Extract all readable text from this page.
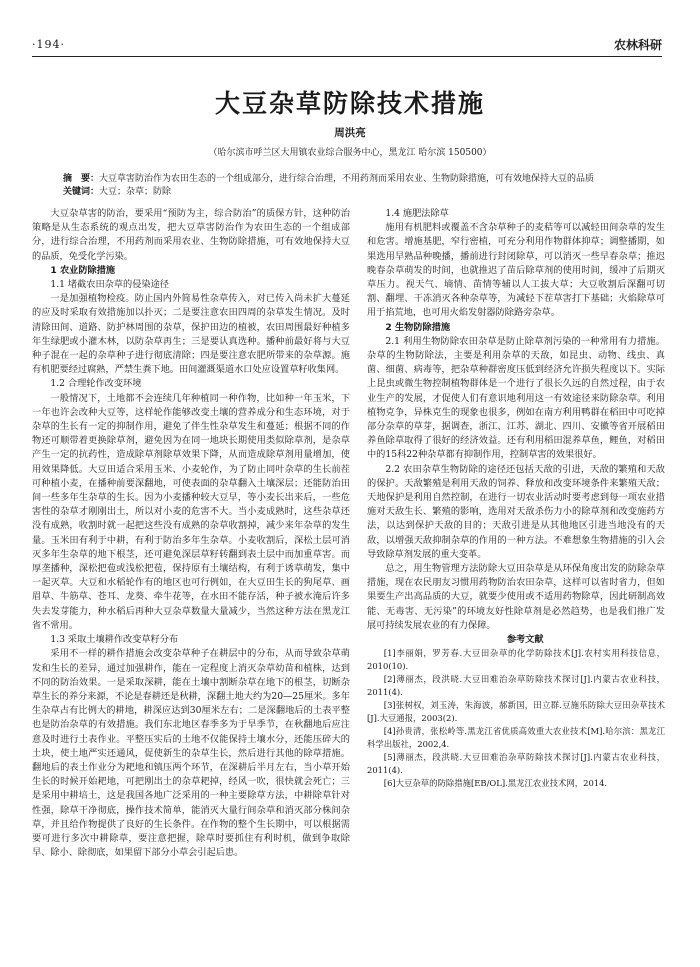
·194·	农林科研
大豆杂草防除技术措施
周洪亮
（哈尔滨市呼兰区大用镇农业综合服务中心，黑龙江 哈尔滨 150500）
摘　要：大豆草害防治作为农田生态的一个组成部分，进行综合治理，不用药剂而采用农业、生物防除措施，可有效地保持大豆的品质
关键词：大豆；杂草；防除

大豆杂草害的防治，要采用“预防为主，综合防治”的质保方针，这种防治策略是从生态系统的观点出发，把大豆草害防治作为农田生态的一个组成部分，进行综合治理，不用药剂而采用农业、生物防除措施，可有效地保持大豆的品质，免受化学污染。

1 农业防除措施
1.1 堵截农田杂草的侵染途径

一是加强植物检疫。防止国内外简易性杂草传入，对已传入尚未扩大蔓延的应及时采取有效措施加以扑灭；二是要注意农田四周的杂草发生情况。及时清除田间、道路、防护林周围的杂草，保护田边的植被，农田周围最好种植多年生绿肥或小灌木林，以防杂草再生；三是要认真选种。播种前最好将与大豆种子混在一起的杂草种子进行彻底清除；四是要注意农肥所带来的杂草源。施有机肥要经过腐熟，严禁生粪下地。田间灌溉渠道水口处应设置草籽收集网。

1.2 合理轮作改变环境

一般情况下，土地都不会连续几年种植同一种作物，比如种一年玉米，下一年也许会改种大豆等，这样轮作能够改变土壤的营养成分和生态环境，对于杂草的生长有一定的抑制作用，避免了伴生性杂草发生和蔓延；根据不同的作物还可顺带着更换除草剂，避免因为在同一地块长期使用类似除草剂，是杂草产生一定的抗药性，造成除草剂除草效果下降，从而造成除草剂用量增加，使用效果降低。大豆田适合采用玉米、小麦轮作，为了防止同叶杂草的生长前茬可种植小麦，在播种前要深翻地，可使表面的杂草翻入土壤深层；还能防治田间一些多年生杂草的生长。因为小麦播种较大豆早，等小麦长出来后，一些危害性的杂草才刚刚出土，所以对小麦的危害不大。当小麦成熟时，这些杂草还没有成熟，收割时就一起把这些没有成熟的杂草收割掉，减少来年杂草的发生量。玉米田有利于中耕，有利于防治多年生杂草。小麦收割后，深松土层可消灭多年生杂草的地下根茎，还可避免深层草籽转翻到表土层中而加重草害。而厚垄播种，深松把苞或浅松把苞，保持原有土壤结构，有利于诱草萌发，集中一起灭草。大豆和水稻轮作有的地区也可行例如，在大豆田生长的狗尾草、画眉草、牛筋草、苍耳、龙葵、牵牛花等，在水田不能存活，种子被水淹后许多失去发芽能力，种水稻后再种大豆杂草数量大量减少，当然这种方法在黑龙江省不常用。

1.3 采取土壤耕作改变草籽分布

采用不一样的耕作措施会改变杂草种子在耕层中的分布，从而导致杂草萌发和生长的差异，通过加强耕作，能在一定程度上消灭杂草幼苗和植株，达到不同的防治效果。一是采取深耕，能在土壤中割断杂草在地下的根茎，切断杂草生长的养分来源，不论是春耕还是秋耕，深翻土地大约为20—25厘米。多年生杂草占有比例大的耕地，耕深应达到30厘米左右；二是深翻地后的土表平整也是防治杂草的有效措施。我们东北地区春季多为于旱季节，在秋翻地后应注意及时进行土表作业。平整压实后的土地不仅能保持土壤水分，还能压碎大的土块，使土地严实还通风，促使新生的杂草生长，然后进行其他的除草措施。翻地后的表土作业分为耙地和镇压两个环节，在深耕后半月左右，当小草开始生长的时候开始耙地，可把刚出土的杂草耙掉，经风一吹，很快就会死亡；三是采用中耕培土，这是我国各地广泛采用的一种主要除草方法，中耕除草针对性强，除草干净彻底，操作技术简单，能消灭大量行间杂草和消灭部分株间杂草，并且给作物提供了良好的生长条件。在作物的整个生长期中，可以根据需要可进行多次中耕除草，要注意把握，除草时要抓住有利时机，做到争取除早、除小、除彻底，如果留下部分小草会引起后患。

1.4 施肥法除草

施用有机肥料或覆盖不含杂草种子的麦秸等可以减轻田间杂草的发生和危害。增施基肥，窄行密植，可充分利用作物群体抑草；调整播期，如果选用早熟品种晚播，播前进行封闭除草，可以消灭一些早春杂草；推迟晚春杂草萌发的时间，也就推迟了苗后除草剂的使用时间，缓冲了后期灭草压力。视天气、墒情、苗情等辅以人工拔大草；大豆收割后深翻可切割、翻埋、干冻消灭各种杂草等，为减轻下茬草害打下基础；火焰除草可用于掐荒地，也可用火焰发射器防除路旁杂草。

2 生物防除措施

2.1 利用生物防除农田杂草是防止除草剂污染的一种常用有力措施。杂草的生物防除法，主要是利用杂草的天敌，如昆虫、动物、线虫、真菌、细菌、病毒等，把杂草种群密度压低到经济允许损失程度以下。实际上昆虫或微生物控制植物群体是一个进行了很长久远的自然过程，由于农业生产的发展，才促使人们有意识地利用这一有效途径来防除杂草。利用植物克争，异株克生的现象也很多，例如在南方利用鸭群在稻田中可吃掉部分杂草的草芽，据调查，浙江、江苏、湖北、四川、安徽等省开展稻田养鱼除草取得了很好的经济效益。还有利用稻田混养草鱼，鲤鱼，对稻田中的15科22种杂草都有抑制作用，控制草害的效果很好。

2.2 农田杂草生物防除的途径还包括天敌的引进，天敌的繁殖和天敌的保护。天敌繁殖是利用天敌的饲养、释放和改变环境条件来繁殖天敌；天地保护是利用自然控制，在进行一切农业活动时要考虑到每一项农业措施对天敌生长、繁殖的影响，选用对天敌杀伤力小的除草剂和改变施药方法，以达到保护天敌的目的；天敌引进是从其他地区引进当地没有的天敌，以增强天敌抑制杂草的作用的一种方法。不难想象生物措施的引入会导致除草剂发展的重大变革。

总之，用生物管理方法防除大豆田杂草是从环保角度出发的防除杂草措施，现在农民朋友习惯用药物防治农田杂草，这样可以省时省力，但如果要生产出高品质的大豆，就要少使用或不适用药物除草，因此研制高效能、无毒害、无污染”的环境友好性除草剂是必然趋势，也是我们推广发展可持续发展农业的有力保障。

参考文献

[1]李丽娟，罗芳春.大豆田杂草的化学防除技术[J].农村实用科技信息，2010(10).

[2]薄丽杰，段洪晓.大豆田难治杂草防除技术探讨[J].内蒙古农业科技，2011(4).

[3]张树权，刘玉涛，朱海波，郝新国，田立群.豆施乐防除大豆田杂草技术[J].大豆通报，2003(2).

[4]孙贵清，张松岭等.黑龙江省优质高效重大农业技术[M].哈尔滨：黑龙江科学出版社，2002,4.

[5]薄丽杰，段洪晓.大豆田难治杂草防除技术探讨[J].内蒙古农业科技，2011(4).

[6]大豆杂草的防除措施[EB/OL].黑龙江农业技术网，2014.
